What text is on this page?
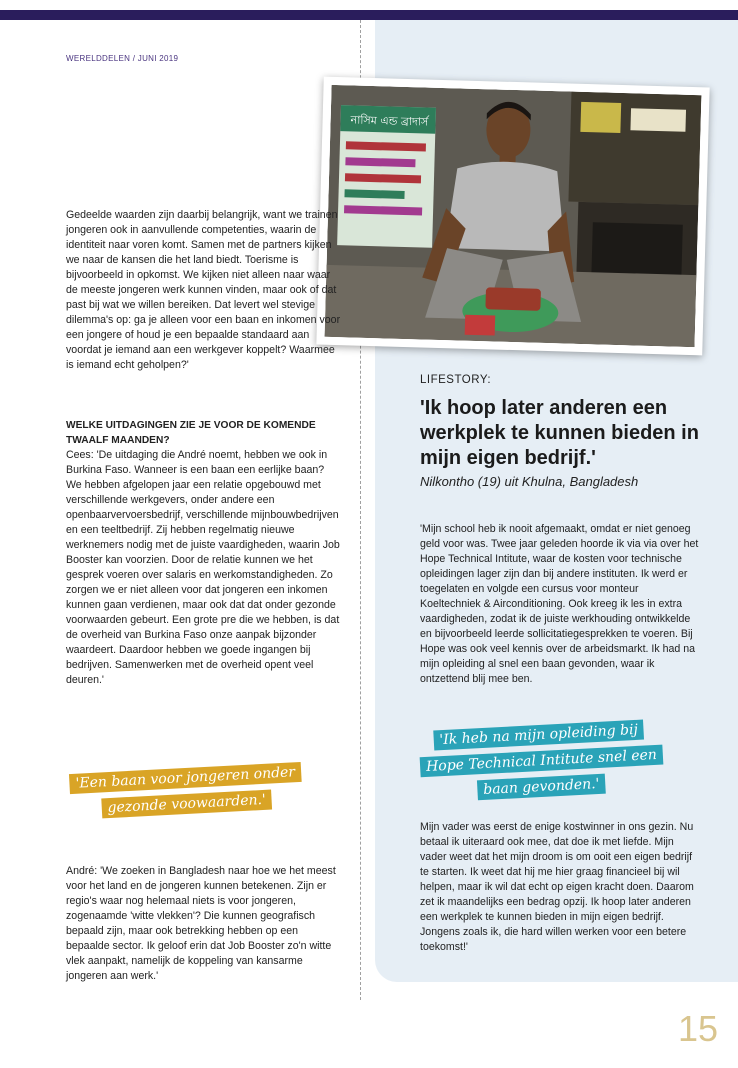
WERELDDELEN / JUNI 2019
নাসিম এন্ড ব্রাদার্স

Gedeelde waarden zijn daarbij belangrijk, want we trainen jongeren ook in aanvullende competenties, waarin de identiteit naar voren komt. Samen met de partners kijken we naar de kansen die het land biedt. Toerisme is bijvoorbeeld in opkomst. We kijken niet alleen naar waar de meeste jongeren werk kunnen vinden, maar ook of dat past bij wat we willen bereiken. Dat levert wel stevige dilemma's op: ga je alleen voor een baan en inkomen voor een jongere of houd je een bepaalde standaard aan voordat je iemand aan een werkgever koppelt? Waarmee is iemand echt geholpen?'

WELKE UITDAGINGEN ZIE JE VOOR DE KOMENDE TWAALF MAANDEN?

Cees: 'De uitdaging die André noemt, hebben we ook in Burkina Faso. Wanneer is een baan een eerlijke baan? We hebben afgelopen jaar een relatie opgebouwd met verschillende werkgevers, onder andere een openbaarvervoersbedrijf, verschillende mijnbouwbedrijven en een teeltbedrijf. Zij hebben regelmatig nieuwe werknemers nodig met de juiste vaardigheden, waarin Job Booster kan voorzien. Door de relatie kunnen we het gesprek voeren over salaris en werkomstandigheden. Zo zorgen we er niet alleen voor dat jongeren een inkomen kunnen gaan verdienen, maar ook dat dat onder gezonde voorwaarden gebeurt. Een grote pre die we hebben, is dat de overheid van Burkina Faso onze aanpak bijzonder waardeert. Daardoor hebben we goede ingangen bij bedrijven. Samenwerken met de overheid opent veel deuren.'

'Een baan voor jongeren onder gezonde voowaarden.'

André: 'We zoeken in Bangladesh naar hoe we het meest voor het land en de jongeren kunnen betekenen. Zijn er regio's waar nog helemaal niets is voor jongeren, zogenaamde 'witte vlekken'? Die kunnen geografisch bepaald zijn, maar ook betrekking hebben op een bepaalde sector. Ik geloof erin dat Job Booster zo'n witte vlek aanpakt, namelijk de koppeling van kansarme jongeren aan werk.'

LIFESTORY:
'Ik hoop later anderen een werkplek te kunnen bieden in mijn eigen bedrijf.'
Nilkontho (19) uit Khulna, Bangladesh

'Mijn school heb ik nooit afgemaakt, omdat er niet genoeg geld voor was. Twee jaar geleden hoorde ik via via over het Hope Technical Intitute, waar de kosten voor technische opleidingen lager zijn dan bij andere instituten. Ik werd er toegelaten en volgde een cursus voor monteur Koeltechniek & Airconditioning. Ook kreeg ik les in extra vaardigheden, zodat ik de juiste werkhouding ontwikkelde en bijvoorbeeld leerde sollicitatiegesprekken te voeren. Bij Hope was ook veel kennis over de arbeidsmarkt. Ik had na mijn opleiding al snel een baan gevonden, waar ik ontzettend blij mee ben.

'Ik heb na mijn opleiding bij Hope Technical Intitute snel een baan gevonden.'

Mijn vader was eerst de enige kostwinner in ons gezin. Nu betaal ik uiteraard ook mee, dat doe ik met liefde. Mijn vader weet dat het mijn droom is om ooit een eigen bedrijf te starten. Ik weet dat hij me hier graag financieel bij wil helpen, maar ik wil dat echt op eigen kracht doen. Daarom zet ik maandelijks een bedrag opzij. Ik hoop later anderen een werkplek te kunnen bieden in mijn eigen bedrijf. Jongens zoals ik, die hard willen werken voor een betere toekomst!'

15
